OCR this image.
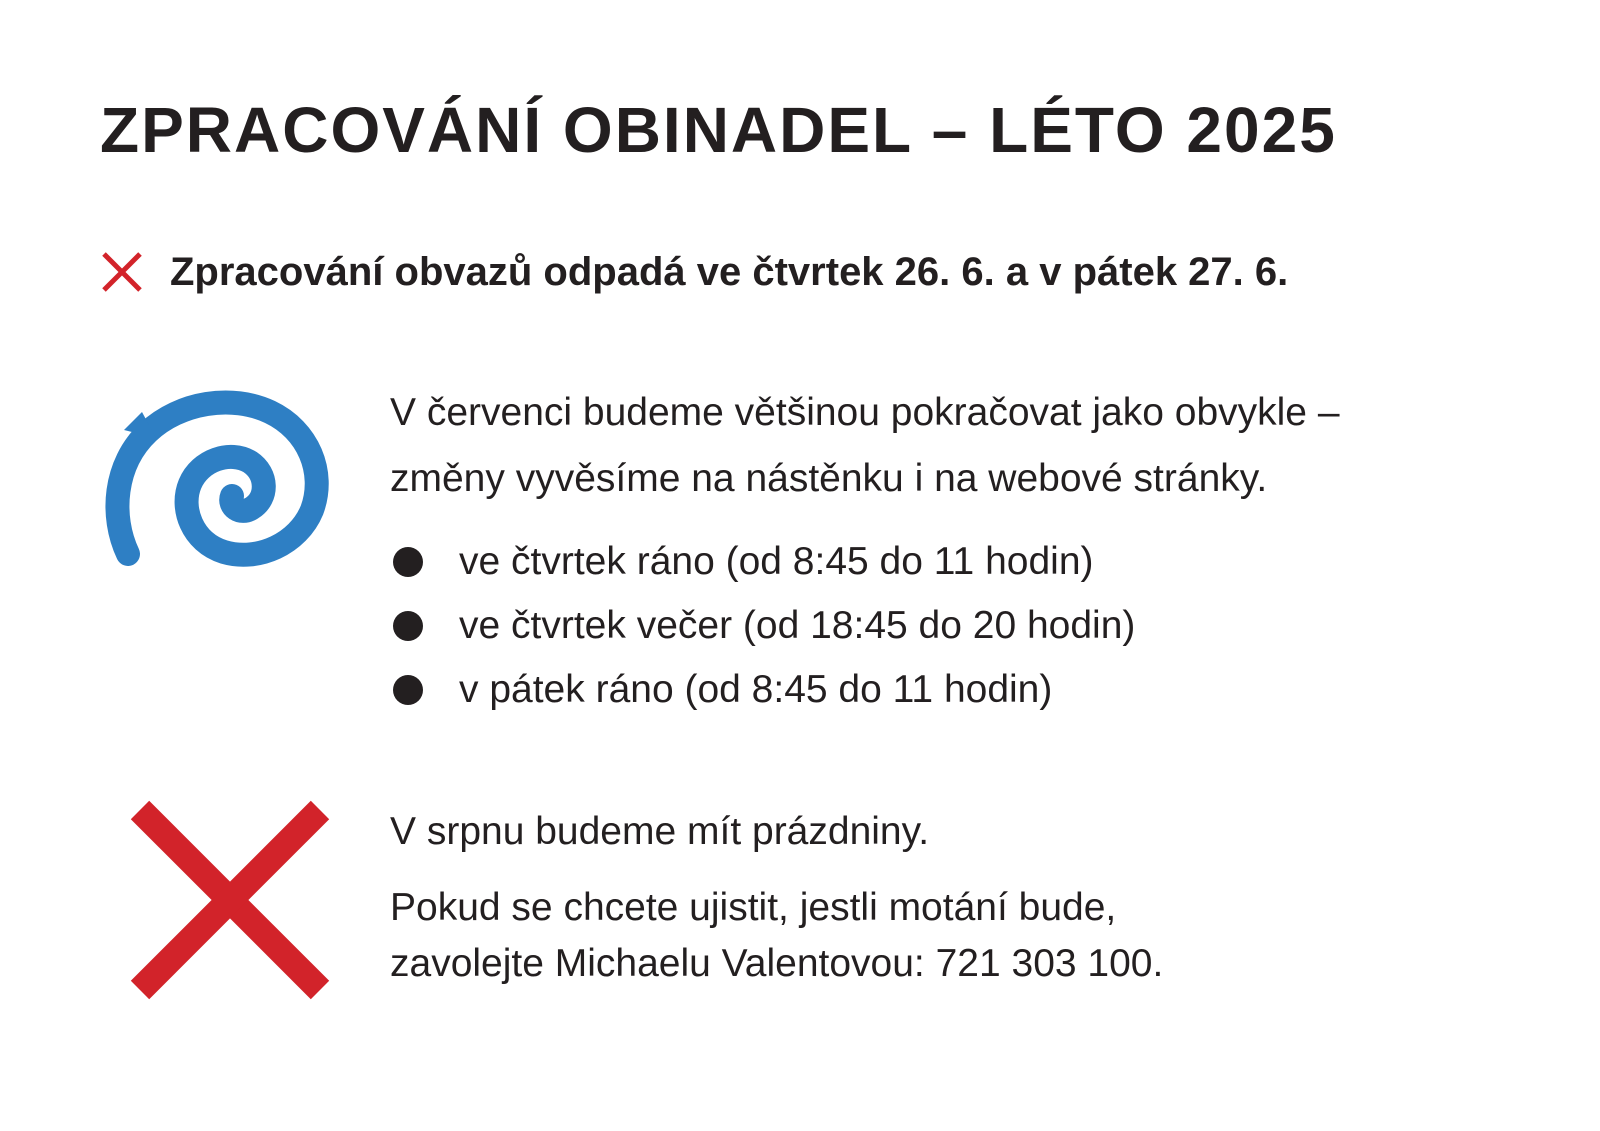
ZPRACOVÁNÍ OBINADEL – LÉTO 2025
Zpracování obvazů odpadá ve čtvrtek 26. 6. a v pátek 27. 6.

V červenci budeme většinou pokračovat jako obvykle –

změny vyvěsíme na nástěnku i na webové stránky.

ve čtvrtek ráno (od 8:45 do 11 hodin)
ve čtvrtek večer (od 18:45 do 20 hodin)
v pátek ráno (od 8:45 do 11 hodin)

V srpnu budeme mít prázdniny.

Pokud se chcete ujistit, jestli motání bude,

zavolejte Michaelu Valentovou: 721 303 100.
